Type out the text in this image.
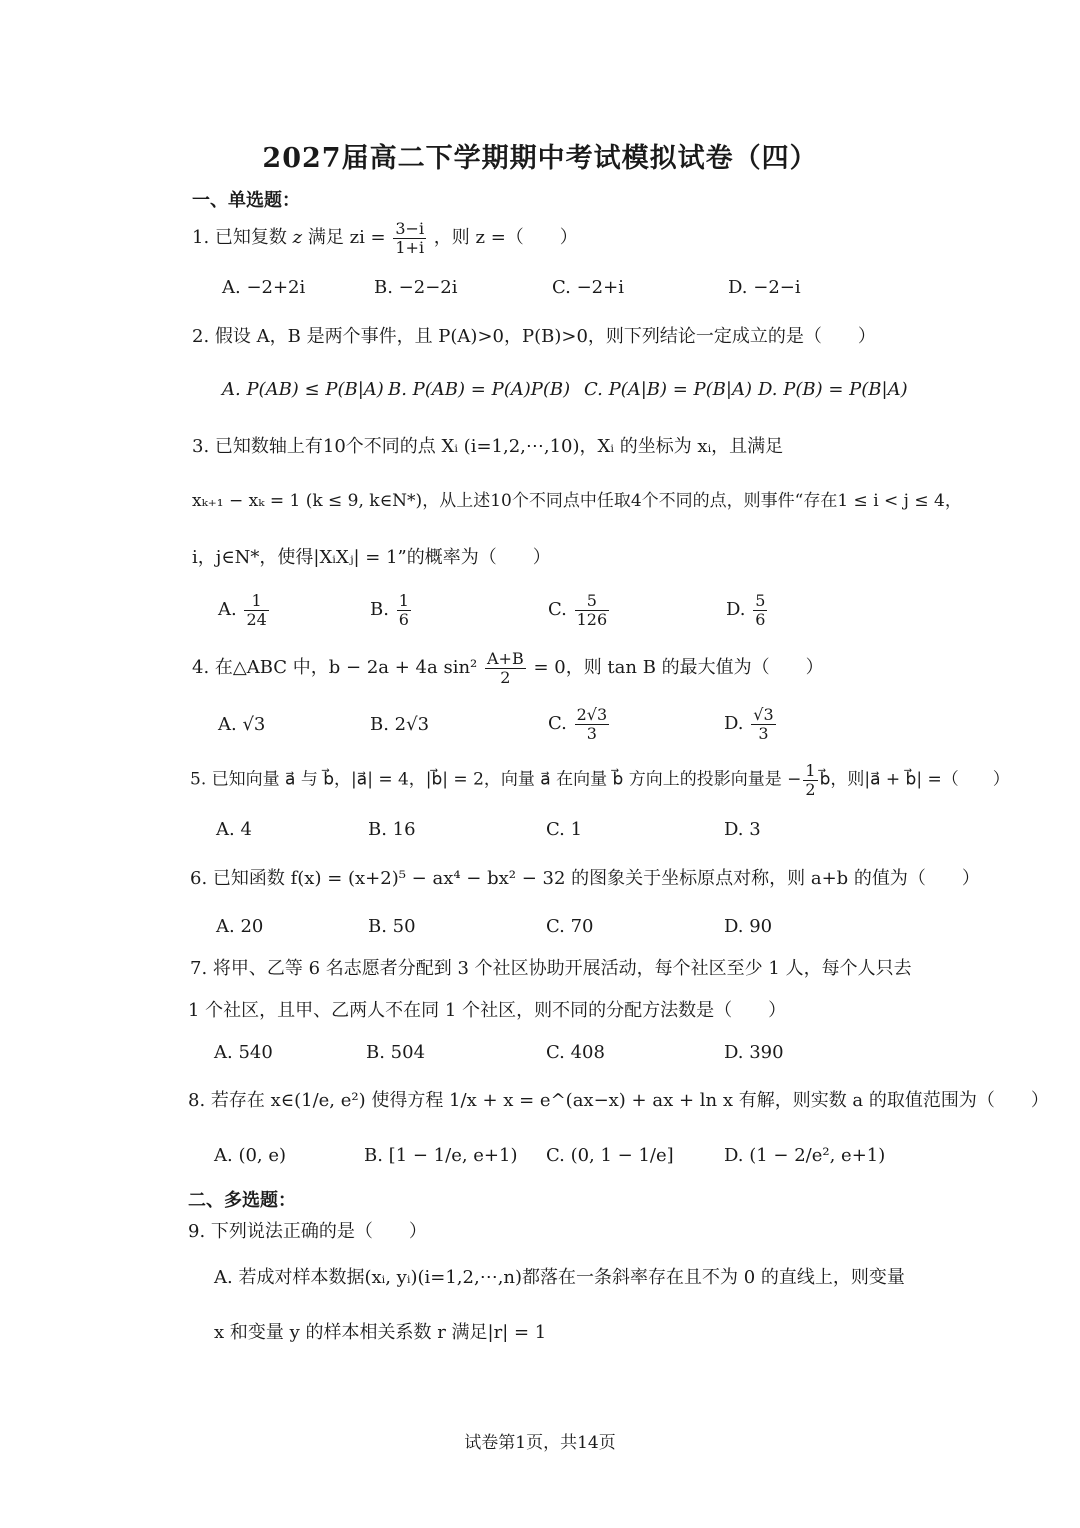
2027届高二下学期期中考试模拟试卷（四）
一、单选题：
1. 已知复数 z 满足 zi = $\frac{3-i}{1+i}$ ，则 z =（　　）
A. −2+2i	B. −2−2i	C. −2+i	D. −2−i
2. 假设 A，B 是两个事件，且 P(A)>0，P(B)>0，则下列结论一定成立的是（　　）
A. P(AB) ≤ P(B|A) B. P(AB) = P(A)P(B) C. P(A|B) = P(B|A) D. P(B) = P(B|A)
3. 已知数轴上有10个不同的点 Xᵢ (i=1,2,⋯,10)，Xᵢ 的坐标为 xᵢ，且满足
xₖ₊₁ − xₖ = 1 (k ≤ 9, k∈N*)，从上述10个不同点中任取4个不同的点，则事件“存在1 ≤ i < j ≤ 4，
i，j∈N*，使得|XᵢXⱼ| = 1”的概率为（　　）
A. $\frac{1}{24}$	B. $\frac{1}{6}$	C. $\frac{5}{126}$	D. $\frac{5}{6}$
4. 在△ABC 中，b − 2a + 4a $\sin^2 \frac{A+B}{2} = 0$，则 tan B 的最大值为（　　）
A. √3	B. 2√3	C. $\frac{2√3}{3}$	D. $\frac{√3}{3}$
5. 已知向量 a⃗ 与 b⃗，|a⃗| = 4，|b⃗| = 2，向量 a⃗ 在向量 b⃗ 方向上的投影向量是 − $\frac{1}{2}$ b⃗，则|a⃗ + b⃗| =（　　）
A. 4	B. 16	C. 1	D. 3
6. 已知函数 f(x) = (x+2)⁵ − ax⁴ − bx² − 32 的图象关于坐标原点对称，则 a+b 的值为（　　）
A. 20	B. 50	C. 70	D. 90
7. 将甲、乙等 6 名志愿者分配到 3 个社区协助开展活动，每个社区至少 1 人，每个人只去
1 个社区，且甲、乙两人不在同 1 个社区，则不同的分配方法数是（　　）
A. 540	B. 504	C. 408	D. 390
8. 若存在 x∈(1/e, e²) 使得方程 1/x + x = e^(ax−x) + ax + ln x 有解，则实数 a 的取值范围为（　　）
A. (0, e)	B. [1 − 1/e, e+1) C. (0, 1 − 1/e]	D. (1 − 2/e², e+1)
二、多选题：
9. 下列说法正确的是（　　）
A. 若成对样本数据(xᵢ, yᵢ)(i=1,2,⋯,n)都落在一条斜率存在且不为 0 的直线上，则变量
x 和变量 y 的样本相关系数 r 满足|r| = 1
试卷第1页，共14页
